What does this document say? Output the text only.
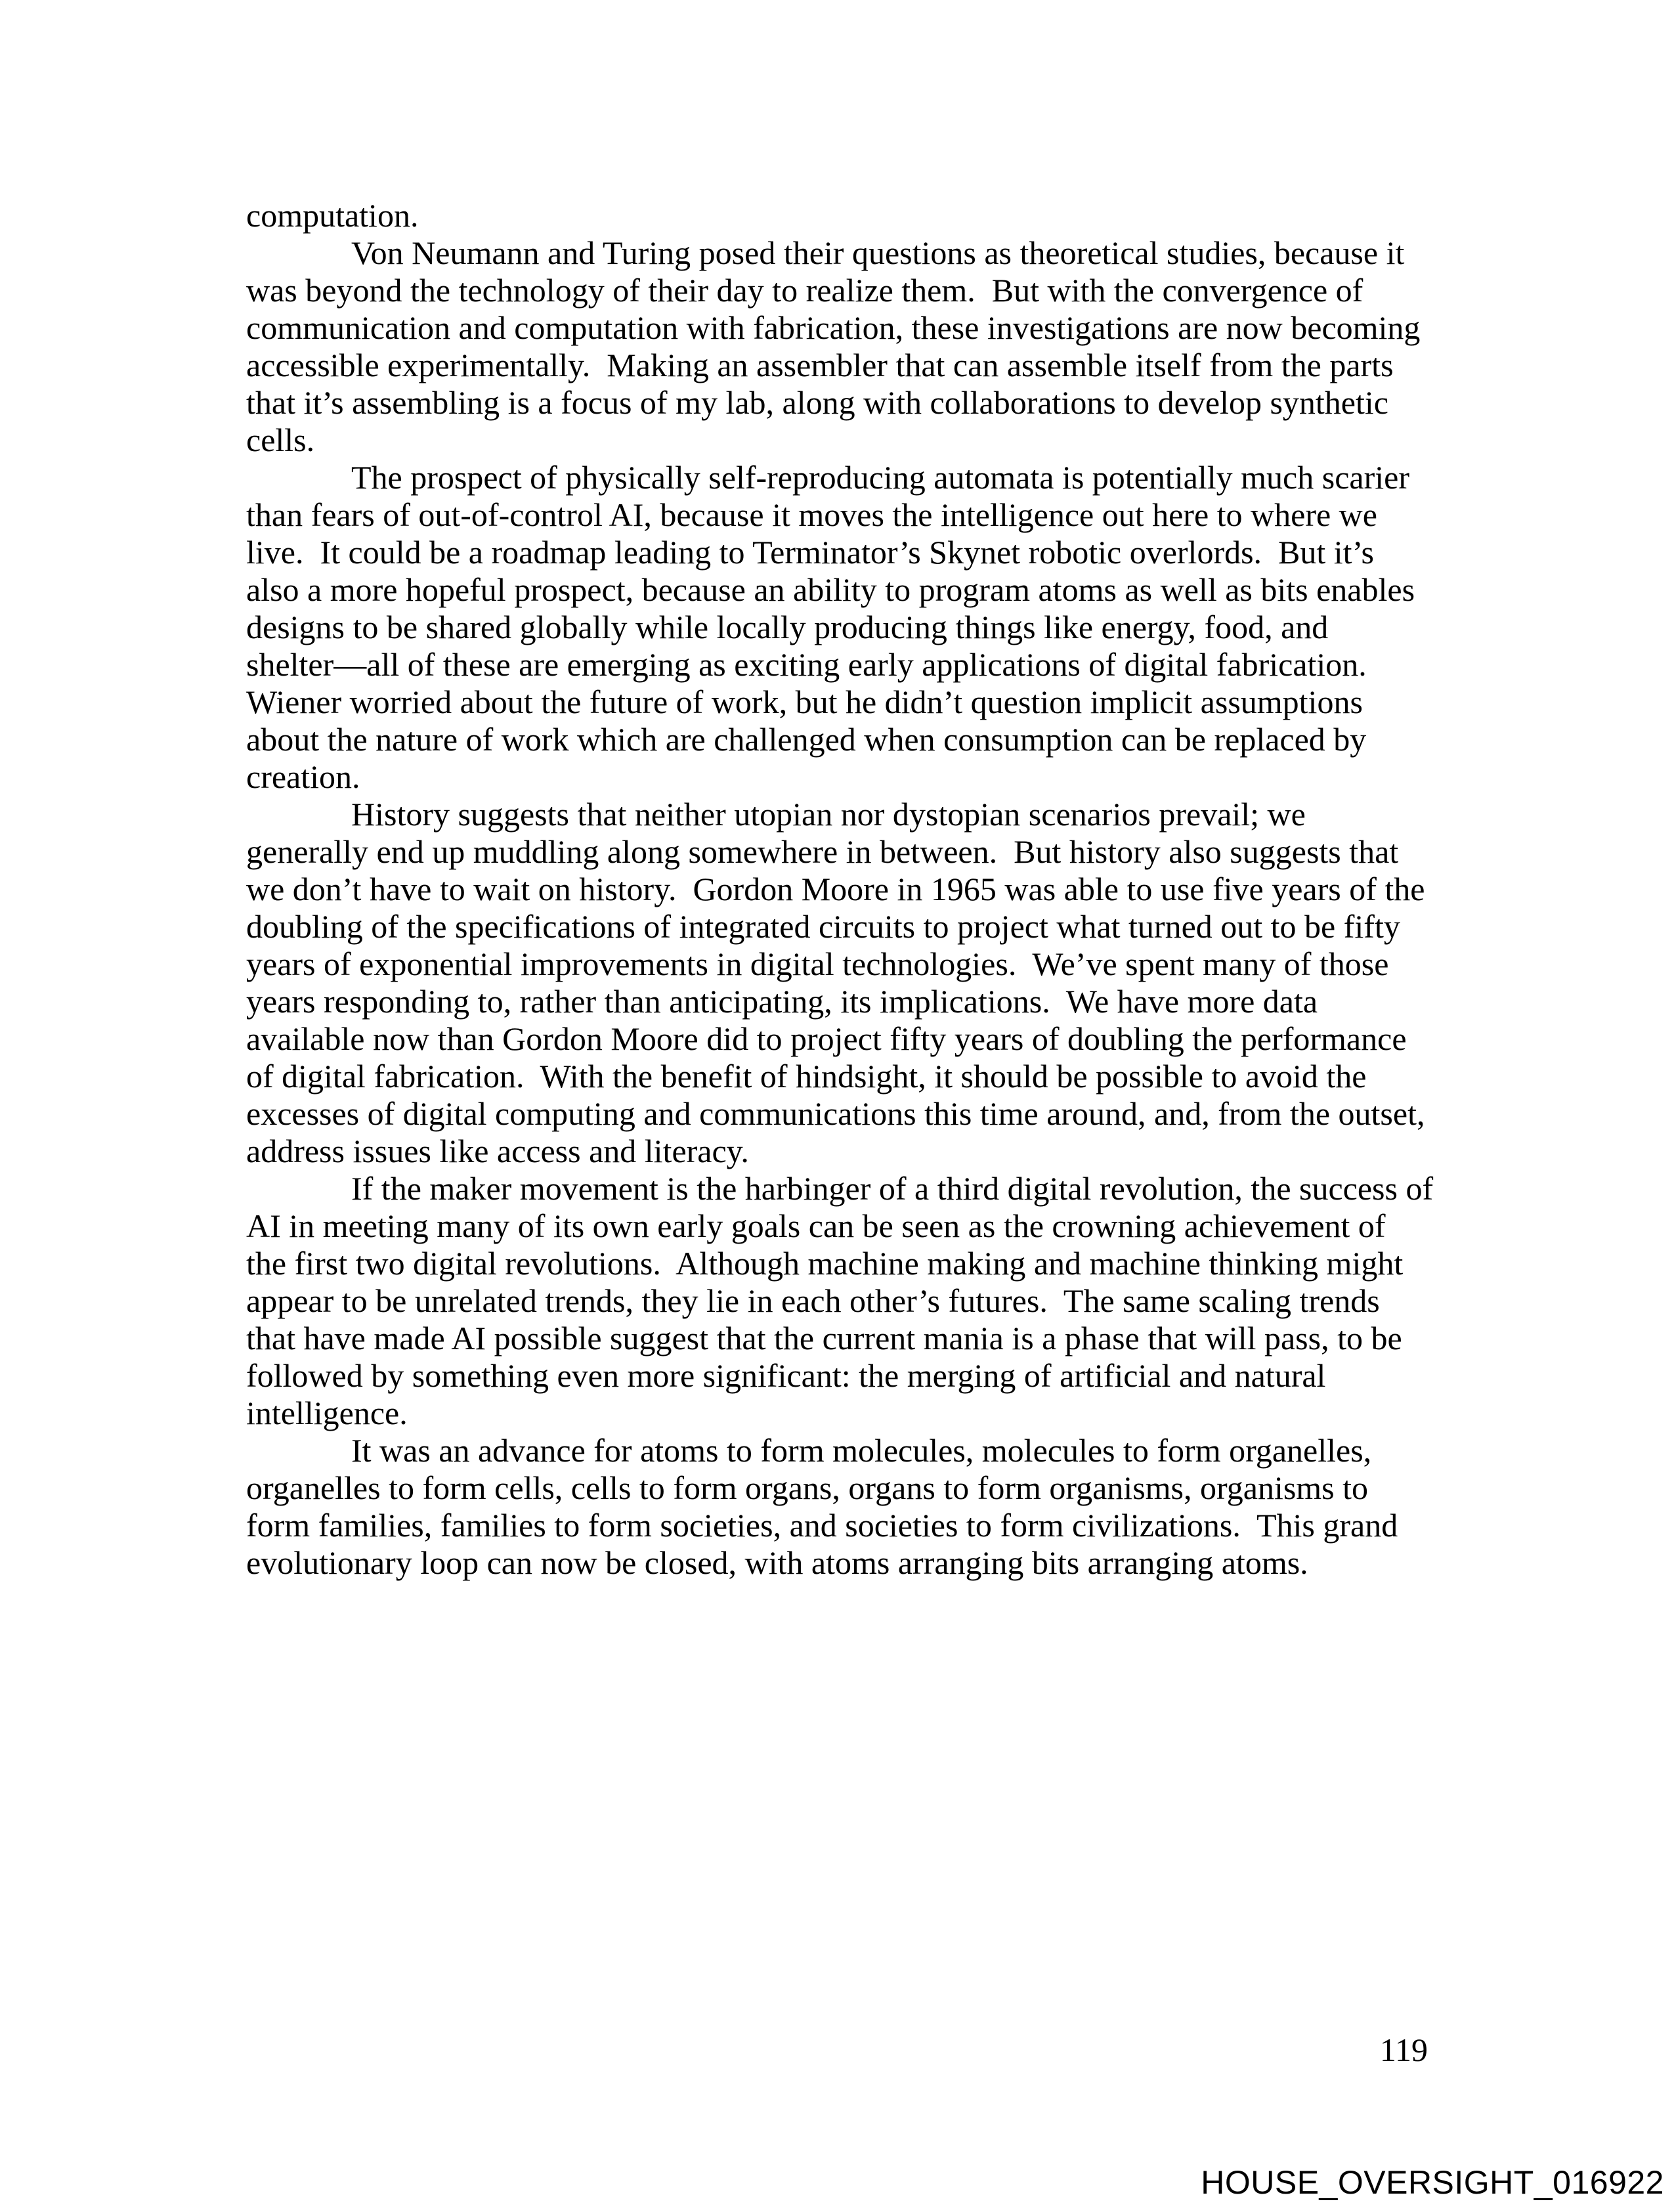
computation.
Von Neumann and Turing posed their questions as theoretical studies, because it
was beyond the technology of their day to realize them.  But with the convergence of
communication and computation with fabrication, these investigations are now becoming
accessible experimentally.  Making an assembler that can assemble itself from the parts
that it’s assembling is a focus of my lab, along with collaborations to develop synthetic
cells.
The prospect of physically self-reproducing automata is potentially much scarier
than fears of out-of-control AI, because it moves the intelligence out here to where we
live.  It could be a roadmap leading to Terminator’s Skynet robotic overlords.  But it’s
also a more hopeful prospect, because an ability to program atoms as well as bits enables
designs to be shared globally while locally producing things like energy, food, and
shelter—all of these are emerging as exciting early applications of digital fabrication.
Wiener worried about the future of work, but he didn’t question implicit assumptions
about the nature of work which are challenged when consumption can be replaced by
creation.
History suggests that neither utopian nor dystopian scenarios prevail; we
generally end up muddling along somewhere in between.  But history also suggests that
we don’t have to wait on history.  Gordon Moore in 1965 was able to use five years of the
doubling of the specifications of integrated circuits to project what turned out to be fifty
years of exponential improvements in digital technologies.  We’ve spent many of those
years responding to, rather than anticipating, its implications.  We have more data
available now than Gordon Moore did to project fifty years of doubling the performance
of digital fabrication.  With the benefit of hindsight, it should be possible to avoid the
excesses of digital computing and communications this time around, and, from the outset,
address issues like access and literacy.
If the maker movement is the harbinger of a third digital revolution, the success of
AI in meeting many of its own early goals can be seen as the crowning achievement of
the first two digital revolutions.  Although machine making and machine thinking might
appear to be unrelated trends, they lie in each other’s futures.  The same scaling trends
that have made AI possible suggest that the current mania is a phase that will pass, to be
followed by something even more significant: the merging of artificial and natural
intelligence.
It was an advance for atoms to form molecules, molecules to form organelles,
organelles to form cells, cells to form organs, organs to form organisms, organisms to
form families, families to form societies, and societies to form civilizations.  This grand
evolutionary loop can now be closed, with atoms arranging bits arranging atoms.
119
HOUSE_OVERSIGHT_016922
